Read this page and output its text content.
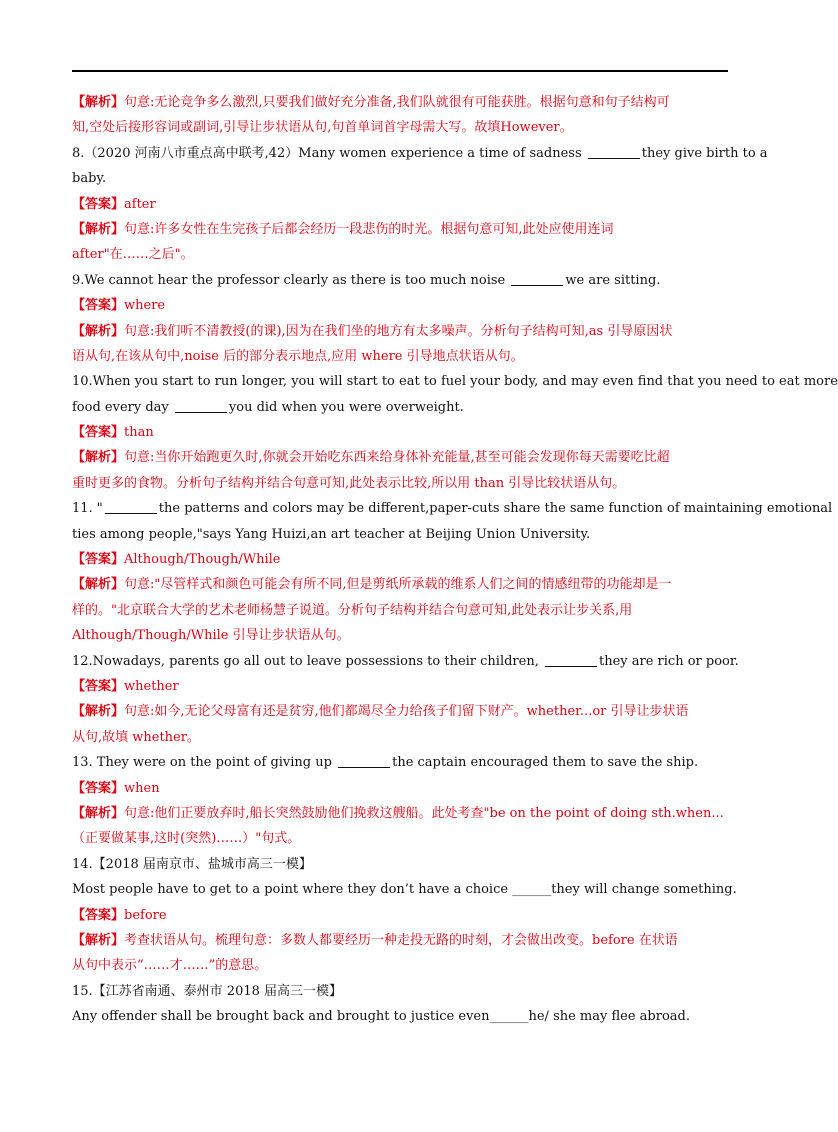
【解析】句意:无论竞争多么激烈,只要我们做好充分准备,我们队就很有可能获胜。根据句意和句子结构可
知,空处后接形容词或副词,引导让步状语从句,句首单词首字母需大写。故填However。
8.（2020 河南八市重点高中联考,42）Many women experience a time of sadness	they give birth to a
baby.
【答案】after
【解析】句意:许多女性在生完孩子后都会经历一段悲伤的时光。根据句意可知,此处应使用连词
after"在……之后"。
9.We cannot hear the professor clearly as there is too much noise	we are sitting.
【答案】where
【解析】句意:我们听不清教授(的课),因为在我们坐的地方有太多噪声。分析句子结构可知,as 引导原因状
语从句,在该从句中,noise 后的部分表示地点,应用 where 引导地点状语从句。
10.When you start to run longer, you will start to eat to fuel your body, and may even find that you need to eat more
food every day	you did when you were overweight.
【答案】than
【解析】句意:当你开始跑更久时,你就会开始吃东西来给身体补充能量,甚至可能会发现你每天需要吃比超
重时更多的食物。分析句子结构并结合句意可知,此处表示比较,所以用 than 引导比较状语从句。
11. "	the patterns and colors may be different,paper-cuts share the same function of maintaining emotional
ties among people,"says Yang Huizi,an art teacher at Beijing Union University.
【答案】Although/Though/While
【解析】句意:"尽管样式和颜色可能会有所不同,但是剪纸所承载的维系人们之间的情感纽带的功能却是一
样的。"北京联合大学的艺术老师杨慧子说道。分析句子结构并结合句意可知,此处表示让步关系,用
Although/Though/While 引导让步状语从句。
12.Nowadays, parents go all out to leave possessions to their children,	they are rich or poor.
【答案】whether
【解析】句意:如今,无论父母富有还是贫穷,他们都竭尽全力给孩子们留下财产。whether...or 引导让步状语
从句,故填 whether。
13. They were on the point of giving up	the captain encouraged them to save the ship.
【答案】when
【解析】句意:他们正要放弃时,船长突然鼓励他们挽救这艘船。此处考查"be on the point of doing sth.when...
（正要做某事,这时(突然)……）"句式。
14.【2018 届南京市、盐城市高三一模】
Most people have to get to a point where they don’t have a choice ______they will change something.
【答案】before
【解析】考查状语从句。梳理句意：多数人都要经历一种走投无路的时刻，才会做出改变。before 在状语
从句中表示“……才……”的意思。
15.【江苏省南通、泰州市 2018 届高三一模】
Any offender shall be brought back and brought to justice even______he/ she may flee abroad.
